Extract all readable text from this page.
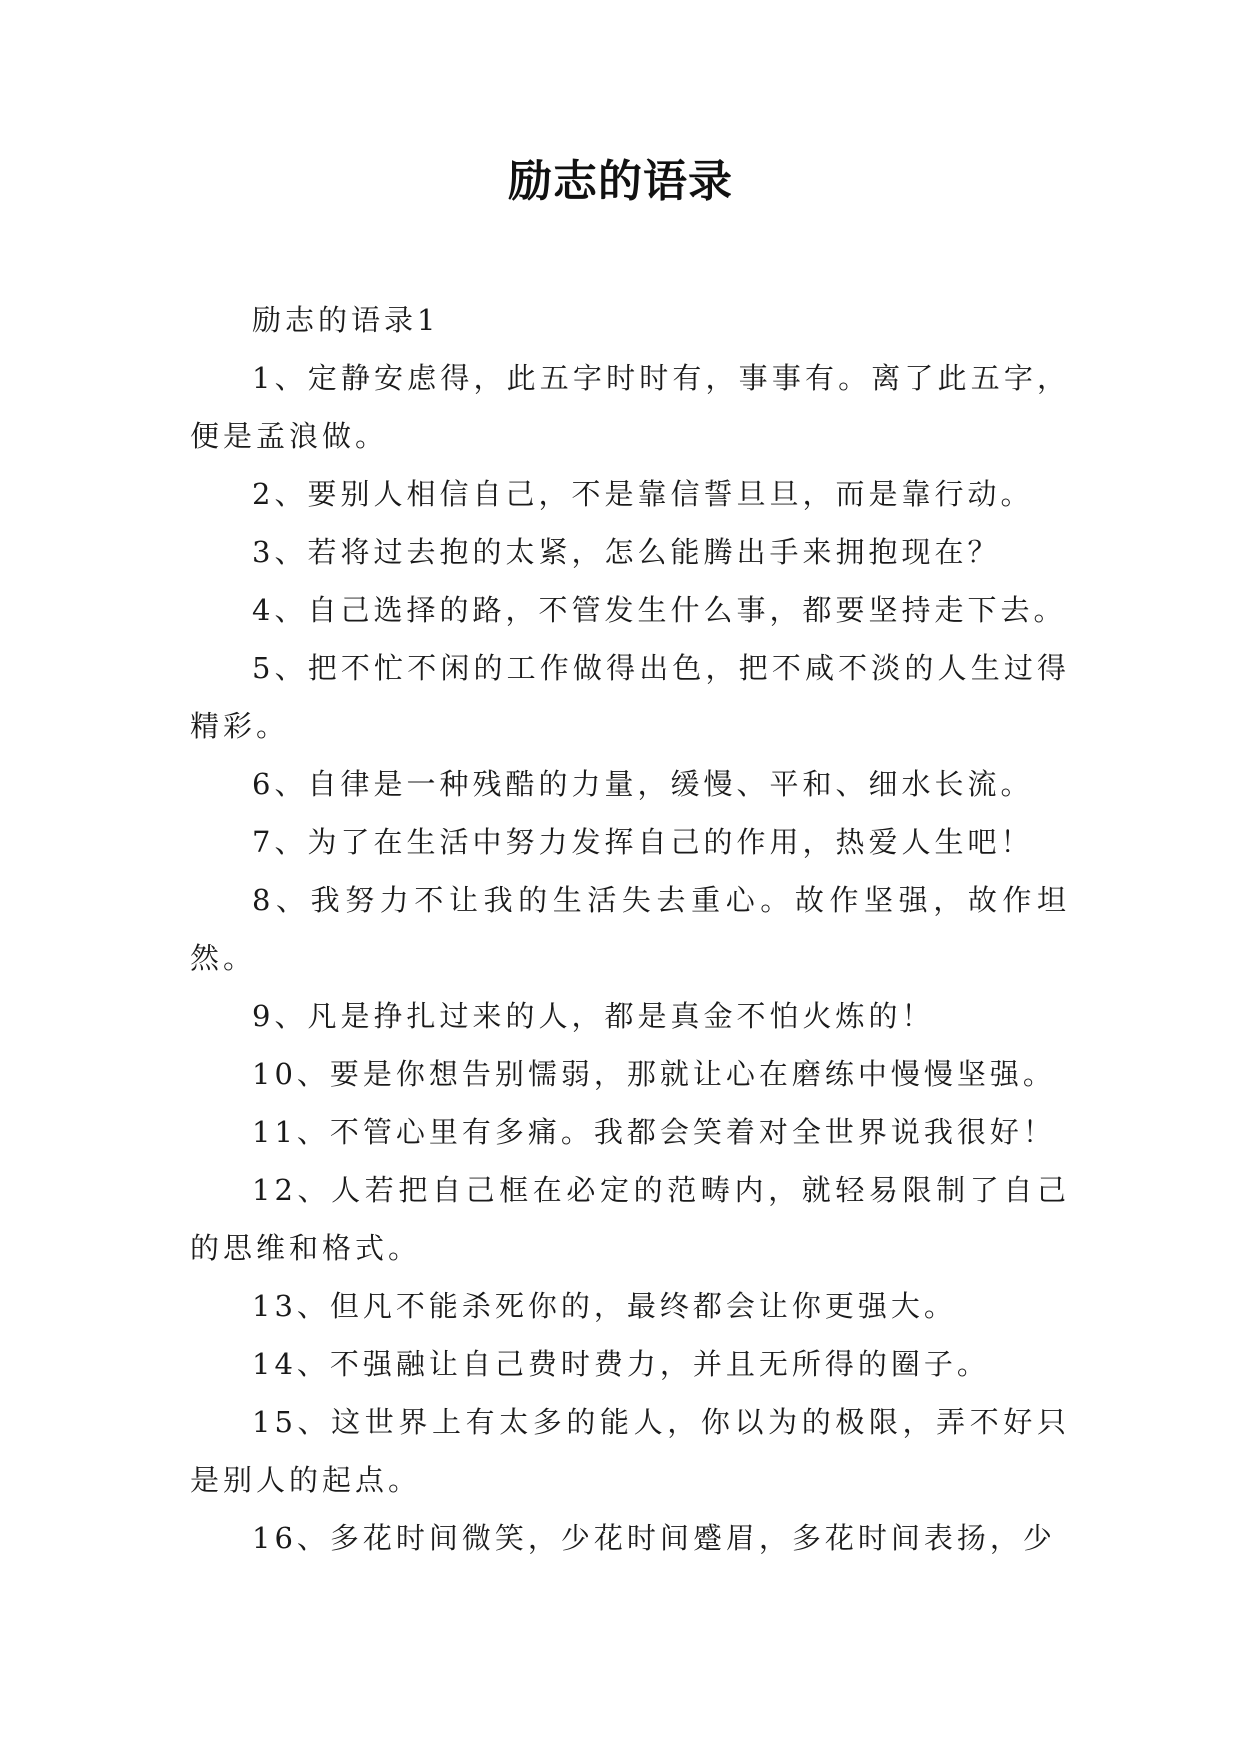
励志的语录

励志的语录1

1、定静安虑得，此五字时时有，事事有。离了此五字，便是孟浪做。

2、要别人相信自己，不是靠信誓旦旦，而是靠行动。

3、若将过去抱的太紧，怎么能腾出手来拥抱现在？

4、自己选择的路，不管发生什么事，都要坚持走下去。

5、把不忙不闲的工作做得出色，把不咸不淡的人生过得精彩。

6、自律是一种残酷的力量，缓慢、平和、细水长流。

7、为了在生活中努力发挥自己的作用，热爱人生吧！

8、我努力不让我的生活失去重心。故作坚强，故作坦然。

9、凡是挣扎过来的人，都是真金不怕火炼的！

10、要是你想告别懦弱，那就让心在磨练中慢慢坚强。

11、不管心里有多痛。我都会笑着对全世界说我很好！

12、人若把自己框在必定的范畴内，就轻易限制了自己的思维和格式。

13、但凡不能杀死你的，最终都会让你更强大。

14、不强融让自己费时费力，并且无所得的圈子。

15、这世界上有太多的能人，你以为的极限，弄不好只是别人的起点。

16、多花时间微笑，少花时间蹙眉，多花时间表扬，少
